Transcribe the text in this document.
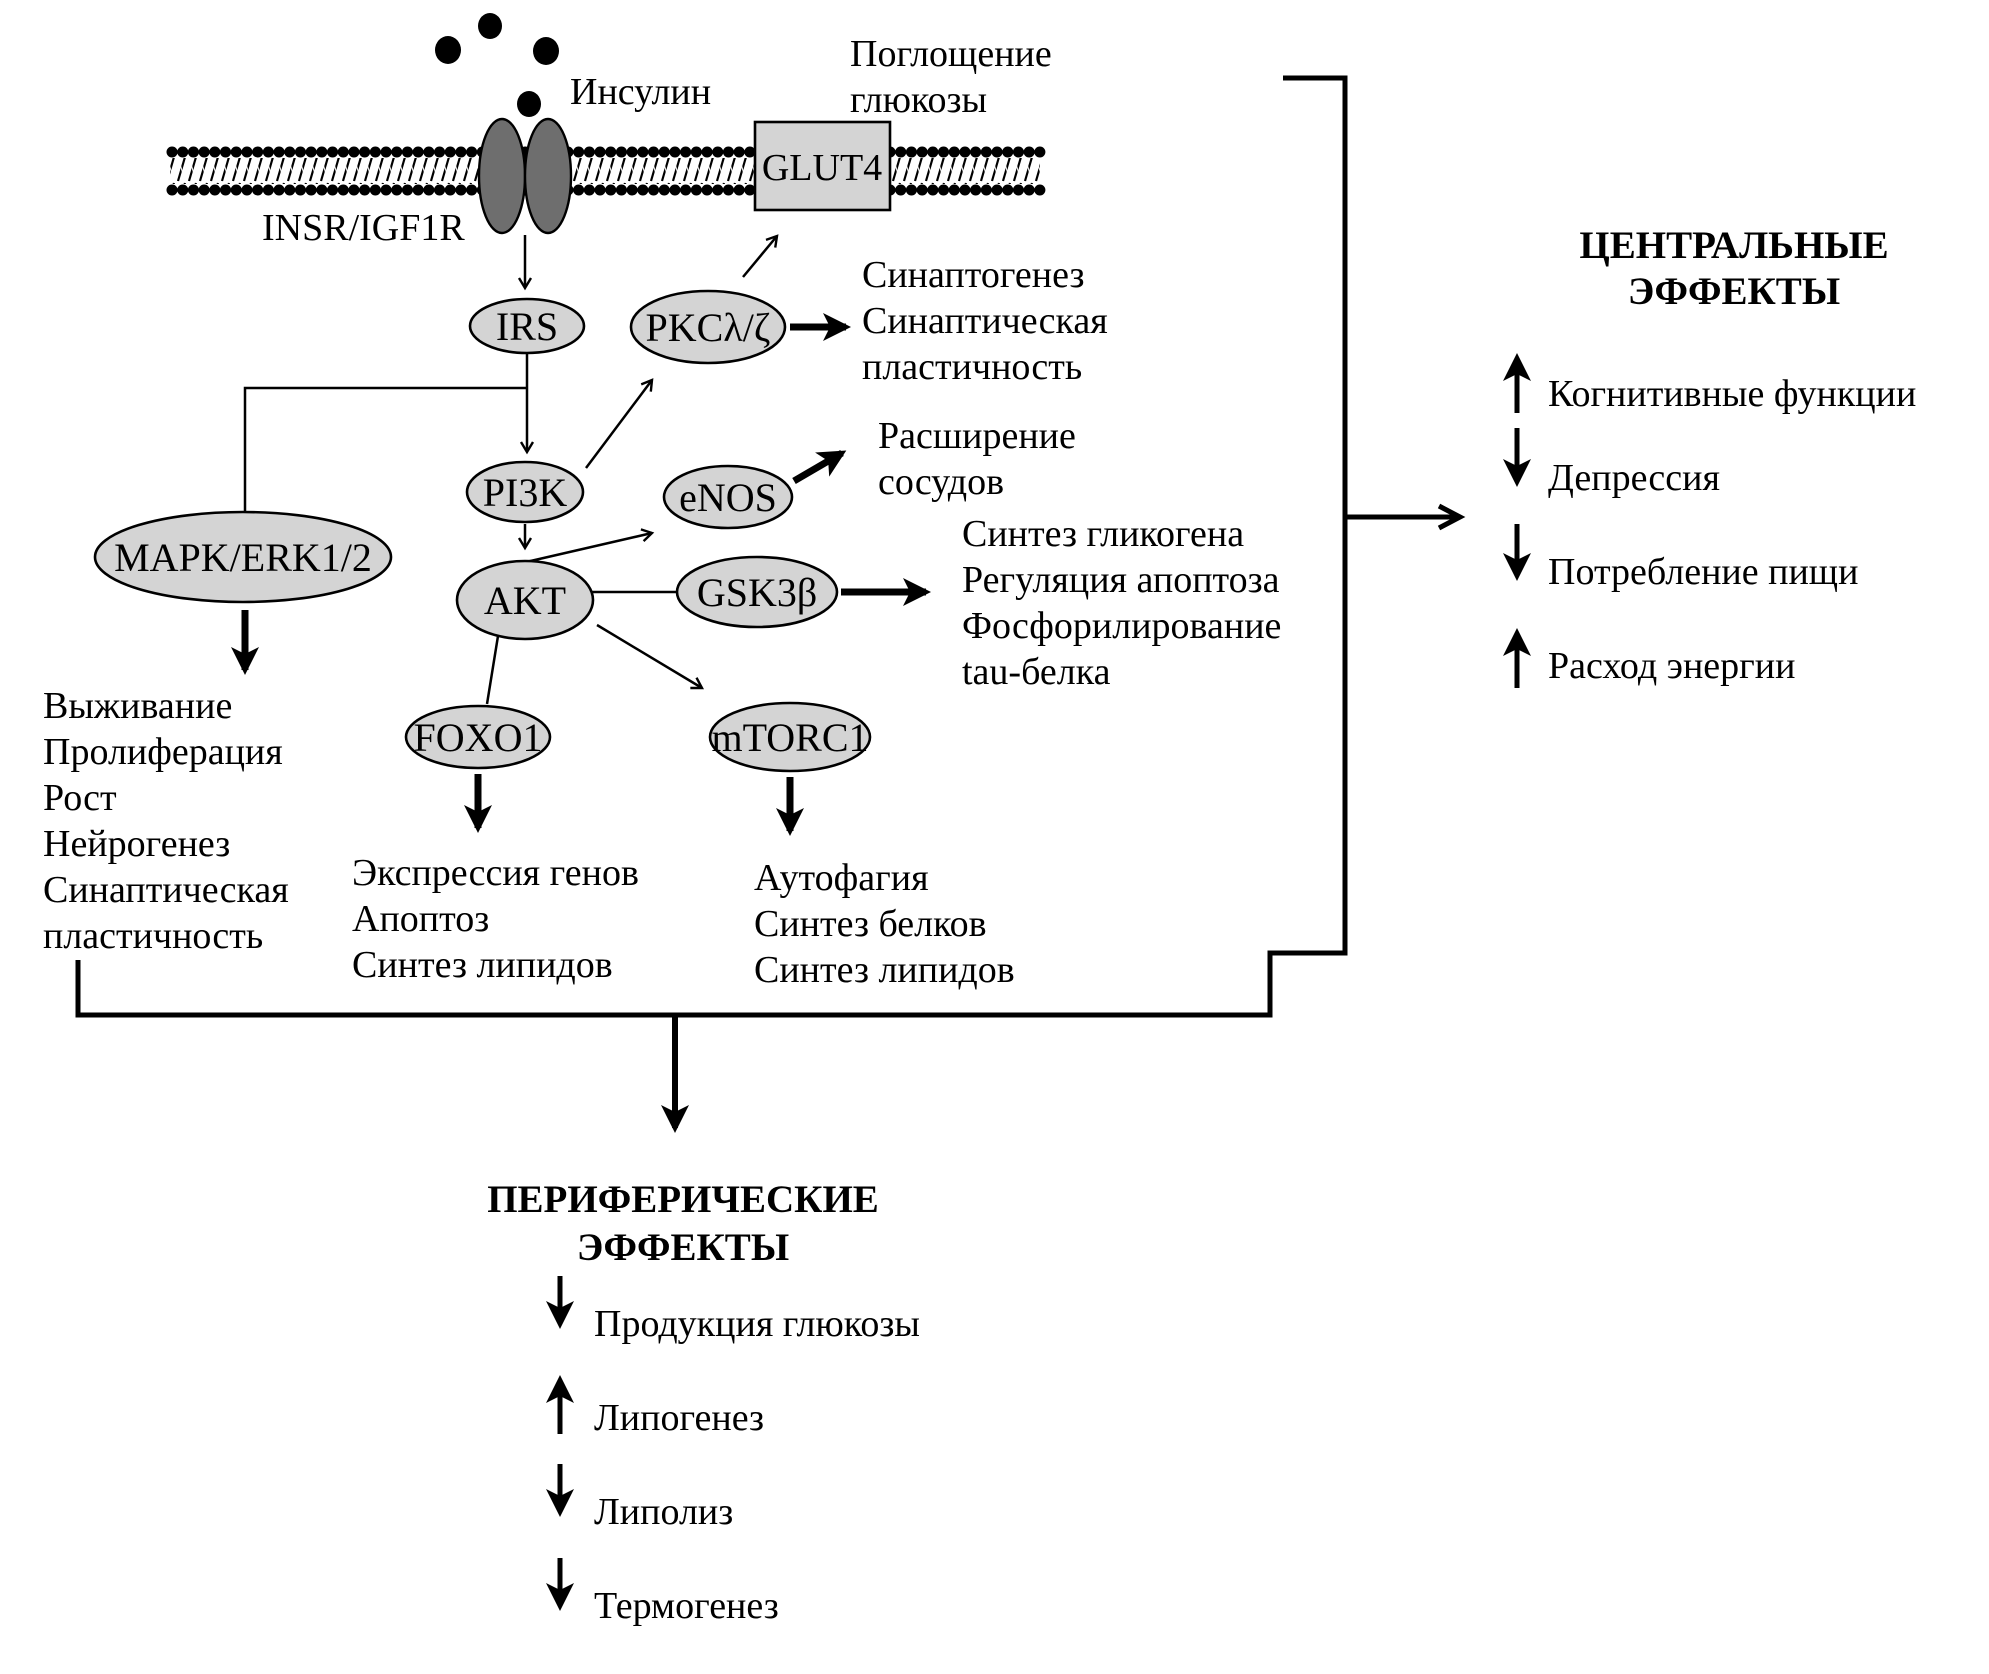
GLUT4
INSR/IGF1R
Инсулин
Поглощение
глюкозы
IRS PKCλ/ζ
PI3K
MAPK/ERK1/2
AKT
eNOS
GSK3β
FOXO1	mTORC1
Синаптогенез
Синаптическая
пластичность
Расширение
сосудов
Синтез гликогена
Регуляция апоптоза
Фосфорилирование
tau-белка
Выживание
Пролиферация
Рост
Нейрогенез
Синаптическая
пластичность
Экспрессия генов
Апоптоз
Синтез липидов
Аутофагия
Синтез белков
Синтез липидов
ЦЕНТРАЛЬНЫЕ
ЭФФЕКТЫ
Когнитивные функции
Депрессия
Потребление пищи
Расход энергии
ПЕРИФЕРИЧЕСКИЕ
ЭФФЕКТЫ
Продукция глюкозы
Липогенез
Липолиз
Термогенез
